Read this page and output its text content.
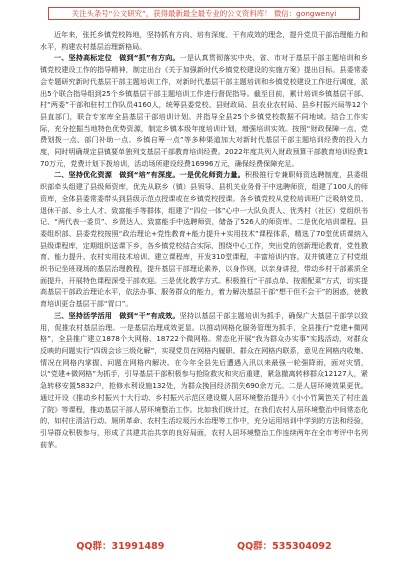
关注头条号“公文研究”，获得最新最全最专业的公文资料库！ 微信：gongwenyi

近年来，张托乡镇党校阵地，坚持抓有方向、培有深度、干有成效的理念，提升党员干部治理能力和水平，构建农村基层治理新格局。

一、坚持高标定位　做到“抓”有方向。一是认真贯彻落实中央、省、市对于基层干部主题培训和乡镇党校建设工作的指导精神，制定出台《关于加强新时代乡镇党校建设的实施方案》提出目标。县委常委会专题研究新时代基层干部主题培训工作，对新时代基层干部主题培训和乡镇党校建设工作进行调度，派出5个联合指导组到25个乡镇基层干部主题培训工作进行督促指导。截至目前，累计培训乡镇基层干部、村“两委”干部和驻村工作队员4160人，统筹县委党校、县财政局、县农业农村局、县乡村振兴局等12个县直部门，联合专家库全县基层干部培训计划。并指导全县25个乡镇党校数据不同地域。结合工作实际，充分挖掘当地特色优势资源，制定乡镇本级年度培训计划，增强培训实效。按照“财政保障一点、党费划拨一点、部门补助一点、乡镇自筹一点”等多种渠道加大对新时代基层干部主题培训经费的投入力度，同时明确规定县镇要单独列支基层干部教育培训经费。2022年度共列入财政预算干部教育培训经费170万元，党费计划下拨培训，活动场所建设经费16996万元，确保经费保障充足。

二、坚持优化资源　做到“培”有深度。一是优化师资力量。积极推行专兼职师资选聘制度，县委组织部牵头组建了县级师资库，优先从联乡（镇）县领导、县机关业务骨干中选聘师资，组建了100人的师资库，全体县委常委带头到县级示范点授课或在乡镇党校授课。各乡镇党校从党校培训班广泛吸纳党员、退休干部、乡土人才、致富能手等群体，组建了“四位一体”心中一大队负责人、优秀村（社区）党组织书记、“两代表一委员”、乡贤达人、致富能手中选聘师资，储备了526人的师资库。二是优化培训课程。县委组织部、县委党校按照“政治理论+党性教育+能力提升+实用技术”课程体系，精选了70堂优质课纳入县级课程库，定期组织送课下乡，各乡镇党校结合实际，围绕中心工作，突出党的创新理论教育，党性教育、能力提升、农村实用技术培训、建立课程库，开发310堂课程，丰富培训内容。双井镇建立了村党组织书记坐班现场的基层治理教程，提升基层干部理论素养，以身作则，以亲身讲授，带动乡村干部素质全面提升，开展特色课程深受干部欢迎。三是优化教学方式。积极推行“干部点单、按需配菜”方式，切实提高基层干部政治理论水平，依法办事、服务群众的能力，着力解决基层干部“想干但不会干”的困惑，使教育培训更合基层干部“胃口”。

三、坚持活学活用　做到“干”有成效。坚持以基层干部主题培训为抓手，确保广大基层干部学以致用，促推农村基层治理。一是基层治理成效更显。以推动网格化服务管理为抓手，全县推行“党建+微网格”，全县推广建立1878个大网格、18722个微网格。常态化开展“我为群众办实事”实践活动，对群众反映的问题实行“四级会诊三级化解”，实现党员在网格内履职、群众在网格内联系，意见在网格内收集、情况在网格内掌握、问题在网格内解决。在今年全县先后遭遇入汛以来最强一轮强降雨，面对灾情，以“党建+微网格”为抓手，引导基层干部积极参与抢险救灾和灾后重建，紧急撤离转移群众12127人，紧急转移安置5832户，抢修水利设施132处，为群众挽回经济损失690余万元。二是人居环境效果更优。通过开设《推动乡村振兴十大行动、乡村振兴示范区建设暨人居环境整治提升》《小小竹篱笆关了村庄盖了院》等课程，推动基层干部人居环境整治工作。比如我们统计过，在我们农村人居环境整治中间常态化的，如村庄清洁行动、厕所革命、农村生活垃圾污水治理等工作中，充分运用培训中学到的方法和经验，引导群众积极参与，形成了共建共治共享的良好局面，农村人居环境整治工作连续两年在全市考评中名列前茅。

QQ群：31991489	QQ群：535304092
